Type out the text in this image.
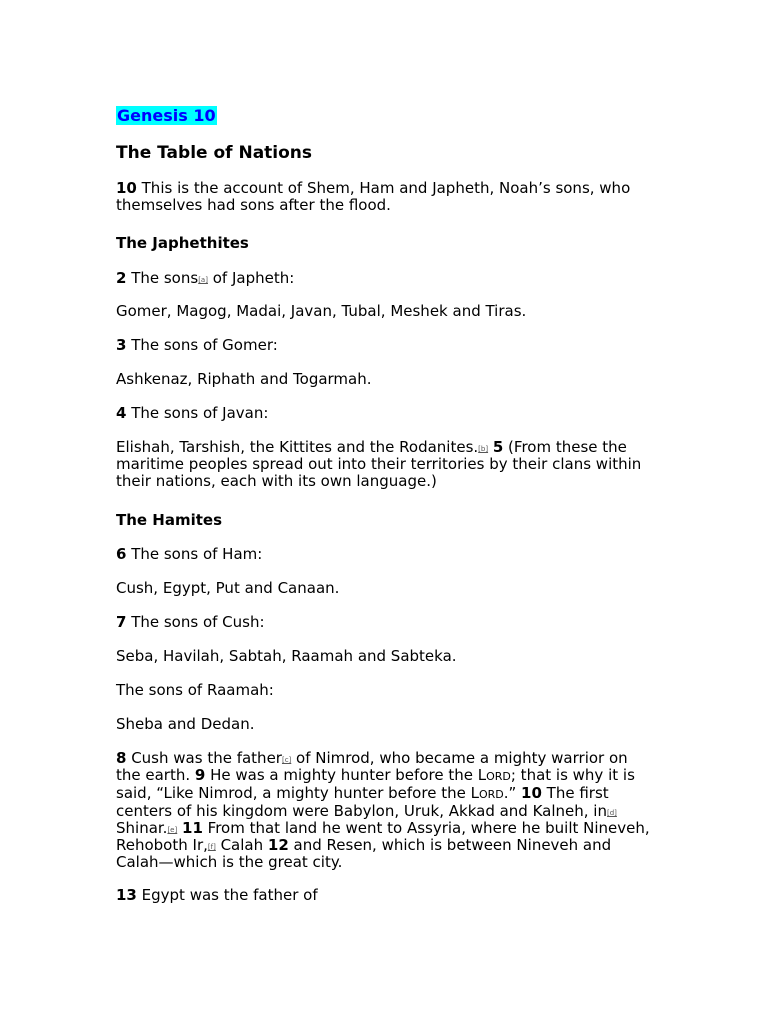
Genesis 10

The Table of Nations

10 This is the account of Shem, Ham and Japheth, Noah’s sons, who themselves had sons after the flood.

The Japhethites

2 The sons[a] of Japheth:

Gomer, Magog, Madai, Javan, Tubal, Meshek and Tiras.

3 The sons of Gomer:

Ashkenaz, Riphath and Togarmah.

4 The sons of Javan:

Elishah, Tarshish, the Kittites and the Rodanites.[b] 5 (From these the maritime peoples spread out into their territories by their clans within their nations, each with its own language.)

The Hamites

6 The sons of Ham:

Cush, Egypt, Put and Canaan.

7 The sons of Cush:

Seba, Havilah, Sabtah, Raamah and Sabteka.

The sons of Raamah:

Sheba and Dedan.

8 Cush was the father[c] of Nimrod, who became a mighty warrior on the earth. 9 He was a mighty hunter before the LORD; that is why it is said, “Like Nimrod, a mighty hunter before the LORD.” 10 The first centers of his kingdom were Babylon, Uruk, Akkad and Kalneh, in[d] Shinar.[e] 11 From that land he went to Assyria, where he built Nineveh, Rehoboth Ir,[f] Calah 12 and Resen, which is between Nineveh and Calah—which is the great city.

13 Egypt was the father of
